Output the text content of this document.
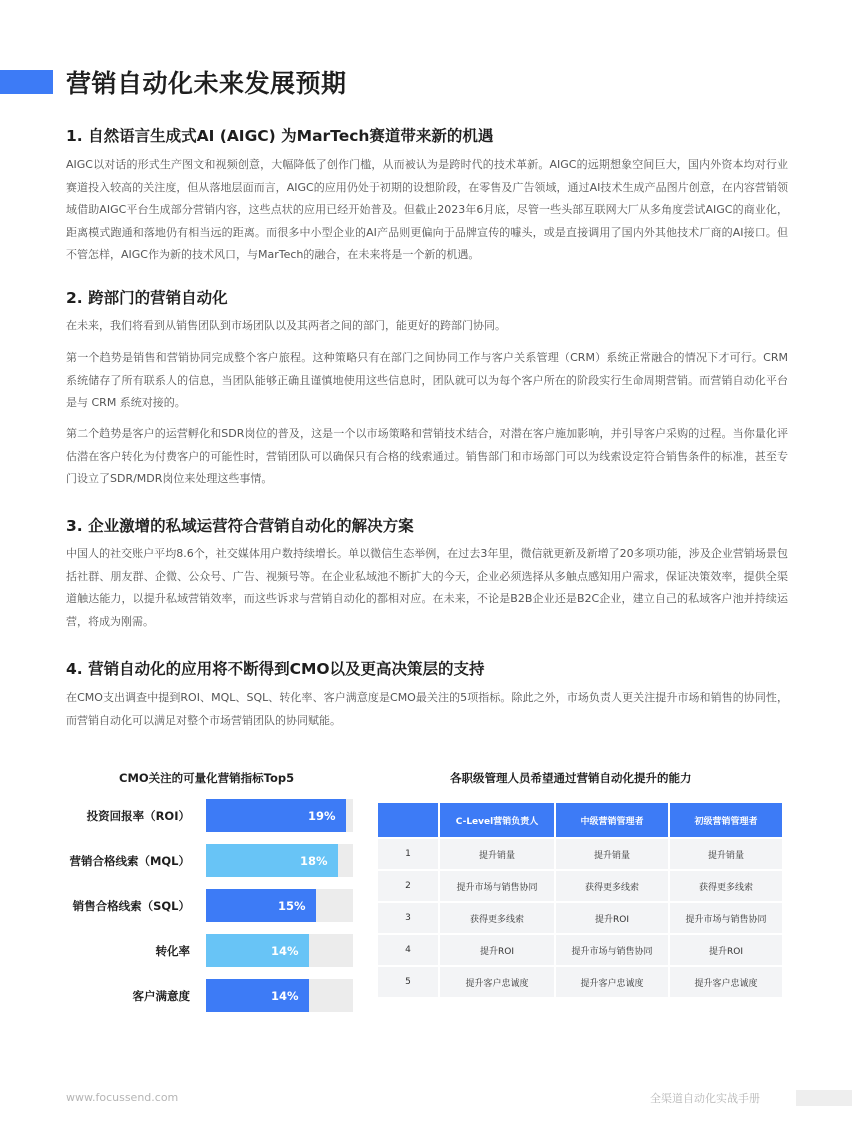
营销自动化未来发展预期
1. 自然语言生成式AI (AIGC) 为MarTech赛道带来新的机遇
AIGC以对话的形式生产图文和视频创意，大幅降低了创作门槛，从而被认为是跨时代的技术革新。AIGC的远期想象空间巨大，国内外资本均对行业赛道投入较高的关注度，但从落地层面而言，AIGC的应用仍处于初期的设想阶段，在零售及广告领域，通过AI技术生成产品图片创意，在内容营销领域借助AIGC平台生成部分营销内容，这些点状的应用已经开始普及。但截止2023年6月底，尽管一些头部互联网大厂从多角度尝试AIGC的商业化，距离模式跑通和落地仍有相当远的距离。而很多中小型企业的AI产品则更偏向于品牌宣传的噱头，或是直接调用了国内外其他技术厂商的AI接口。但不管怎样，AIGC作为新的技术风口，与MarTech的融合，在未来将是一个新的机遇。
2. 跨部门的营销自动化
在未来，我们将看到从销售团队到市场团队以及其两者之间的部门，能更好的跨部门协同。
第一个趋势是销售和营销协同完成整个客户旅程。这种策略只有在部门之间协同工作与客户关系管理（CRM）系统正常融合的情况下才可行。CRM 系统储存了所有联系人的信息，当团队能够正确且谨慎地使用这些信息时，团队就可以为每个客户所在的阶段实行生命周期营销。而营销自动化平台是与 CRM 系统对接的。
第二个趋势是客户的运营孵化和SDR岗位的普及，这是一个以市场策略和营销技术结合，对潜在客户施加影响，并引导客户采购的过程。当你量化评估潜在客户转化为付费客户的可能性时，营销团队可以确保只有合格的线索通过。销售部门和市场部门可以为线索设定符合销售条件的标准，甚至专门设立了SDR/MDR岗位来处理这些事情。
3. 企业激增的私域运营符合营销自动化的解决方案
中国人的社交账户平均8.6个，社交媒体用户数持续增长。单以微信生态举例，在过去3年里，微信就更新及新增了20多项功能，涉及企业营销场景包括社群、朋友群、企微、公众号、广告、视频号等。在企业私域池不断扩大的今天，企业必须选择从多触点感知用户需求，保证决策效率，提供全渠道触达能力，以提升私域营销效率，而这些诉求与营销自动化的都相对应。在未来，不论是B2B企业还是B2C企业，建立自己的私域客户池并持续运营，将成为刚需。
4. 营销自动化的应用将不断得到CMO以及更高决策层的支持
在CMO支出调查中提到ROI、MQL、SQL、转化率、客户满意度是CMO最关注的5项指标。除此之外，市场负责人更关注提升市场和销售的协同性，而营销自动化可以满足对整个市场营销团队的协同赋能。
CMO关注的可量化营销指标Top5
19%
18%
15%
14%
14%
各职级管理人员希望通过营销自动化提升的能力
	C-Level营销负责人	中级营销管理者	初级营销管理者
1	提升销量	提升销量	提升销量
2	提升市场与销售协同	获得更多线索	获得更多线索
3	获得更多线索	提升ROI	提升市场与销售协同
4	提升ROI	提升市场与销售协同	提升ROI
5	提升客户忠诚度	提升客户忠诚度	提升客户忠诚度
www.focussend.com	全渠道自动化实战手册
投资回报率（ROI）
营销合格线索（MQL）
销售合格线索（SQL）
转化率
客户满意度
